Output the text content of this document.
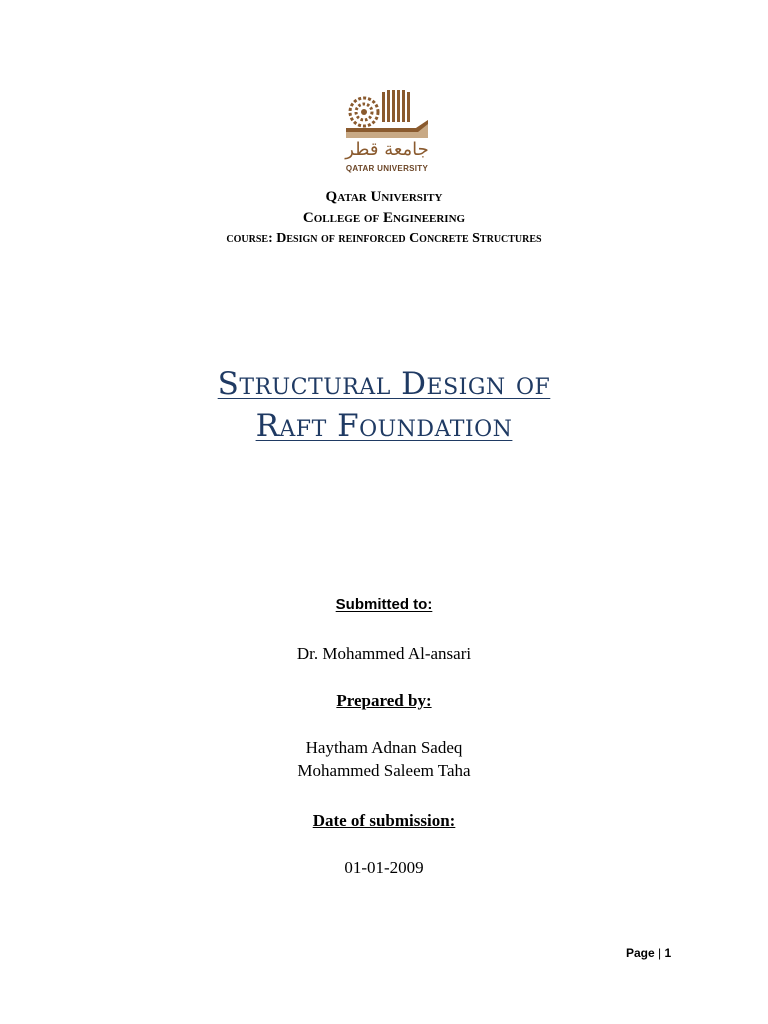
جامعة قطر
QATAR UNIVERSITY
Qatar University
College of Engineering
course: Design of reinforced Concrete Structures
Structural Design of
Raft Foundation
Submitted to:
Dr. Mohammed Al-ansari
Prepared by:
Haytham Adnan Sadeq
Mohammed Saleem Taha
Date of submission:
01-01-2009
Page | 1
